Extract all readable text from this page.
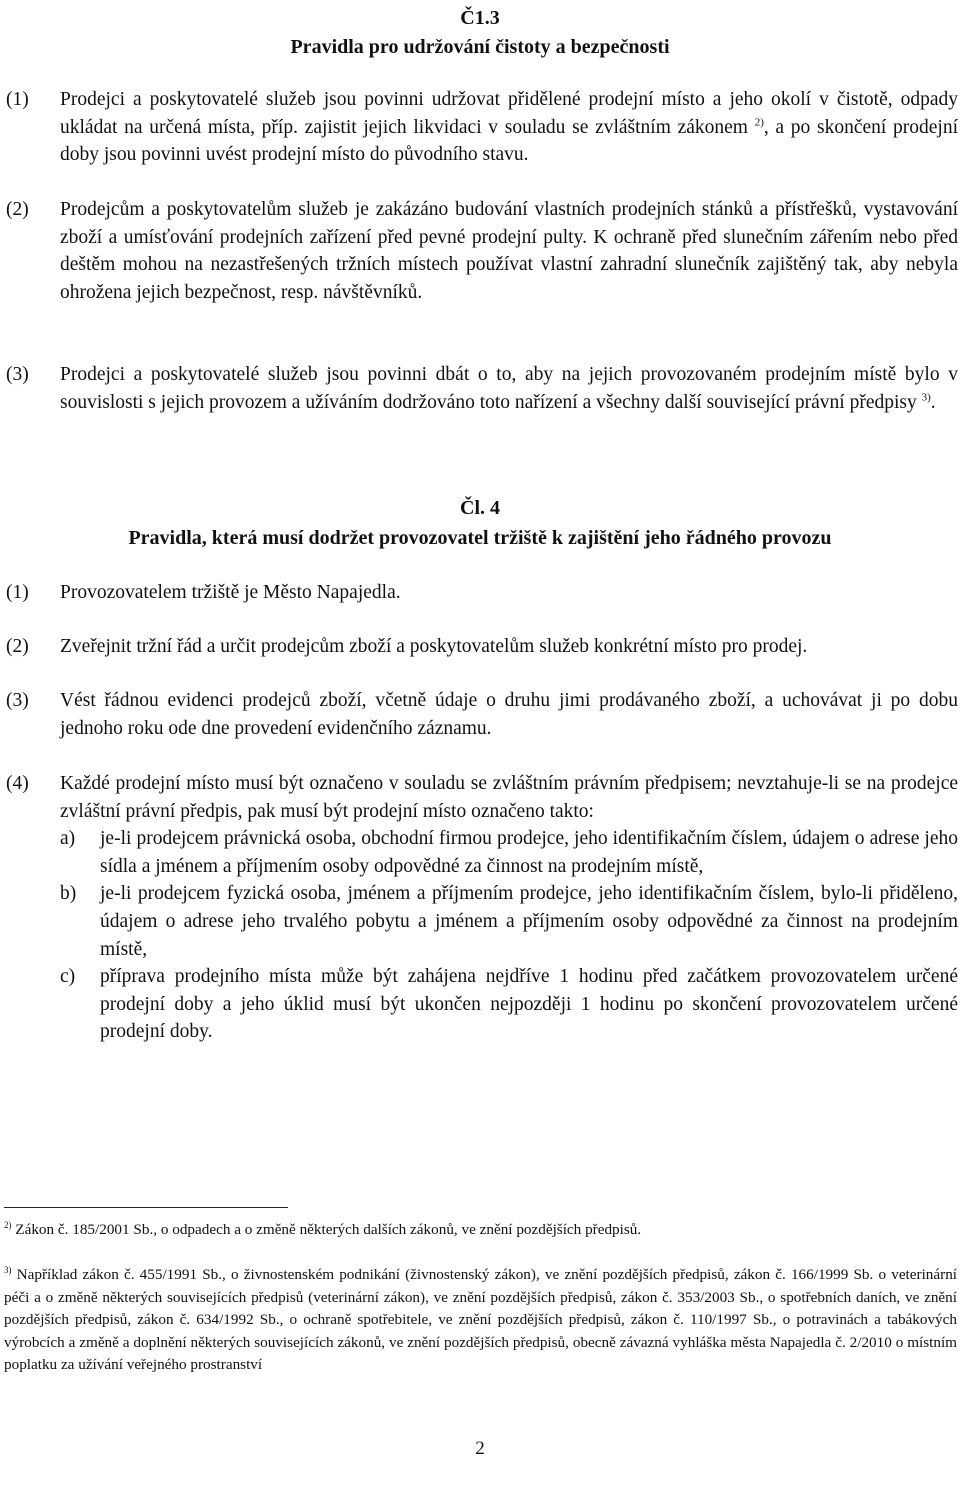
Č1.3
Pravidla pro udržování čistoty a bezpečnosti
(1) Prodejci a poskytovatelé služeb jsou povinni udržovat přidělené prodejní místo a jeho okolí v čistotě, odpady ukládat na určená místa, příp. zajistit jejich likvidaci v souladu se zvláštním zákonem $^{2)}$, a po skončení prodejní doby jsou povinni uvést prodejní místo do původního stavu.
(2) Prodejcům a poskytovatelům služeb je zakázáno budování vlastních prodejních stánků a přístřešků, vystavování zboží a umísťování prodejních zařízení před pevné prodejní pulty. K ochraně před slunečním zářením nebo před deštěm mohou na nezastřešených tržních místech používat vlastní zahradní slunečník zajištěný tak, aby nebyla ohrožena jejich bezpečnost, resp. návštěvníků.
(3) Prodejci a poskytovatelé služeb jsou povinni dbát o to, aby na jejich provozovaném prodejním místě bylo v souvislosti s jejich provozem a užíváním dodržováno toto nařízení a všechny další související právní předpisy $^{3)}$.
Čl. 4
Pravidla, která musí dodržet provozovatel tržiště k zajištění jeho řádného provozu
(1) Provozovatelem tržiště je Město Napajedla.
(2) Zveřejnit tržní řád a určit prodejcům zboží a poskytovatelům služeb konkrétní místo pro prodej.
(3) Vést řádnou evidenci prodejců zboží, včetně údaje o druhu jimi prodávaného zboží, a uchovávat ji po dobu jednoho roku ode dne provedení evidenčního záznamu.
(4) Každé prodejní místo musí být označeno v souladu se zvláštním právním předpisem; nevztahuje-li se na prodejce zvláštní právní předpis, pak musí být prodejní místo označeno takto:
a) je-li prodejcem právnická osoba, obchodní firmou prodejce, jeho identifikačním číslem, údajem o adrese jeho sídla a jménem a příjmením osoby odpovědné za činnost na prodejním místě,
b) je-li prodejcem fyzická osoba, jménem a příjmením prodejce, jeho identifikačním číslem, bylo-li přiděleno, údajem o adrese jeho trvalého pobytu a jménem a příjmením osoby odpovědné za činnost na prodejním místě,
c) příprava prodejního místa může být zahájena nejdříve 1 hodinu před začátkem provozovatelem určené prodejní doby a jeho úklid musí být ukončen nejpozději 1 hodinu po skončení provozovatelem určené prodejní doby.
$^{2)}$ Zákon č. 185/2001 Sb., o odpadech a o změně některých dalších zákonů, ve znění pozdějších předpisů.
$^{3)}$ Například zákon č. 455/1991 Sb., o živnostenském podnikání (živnostenský zákon), ve znění pozdějších předpisů, zákon č. 166/1999 Sb. o veterinární péči a o změně některých souvisejících předpisů (veterinární zákon), ve znění pozdějších předpisů, zákon č. 353/2003 Sb., o spotřebních daních, ve znění pozdějších předpisů, zákon č. 634/1992 Sb., o ochraně spotřebitele, ve znění pozdějších předpisů, zákon č. 110/1997 Sb., o potravinách a tabákových výrobcích a změně a doplnění některých souvisejících zákonů, ve znění pozdějších předpisů, obecně závazná vyhláška města Napajedla č. 2/2010 o místním poplatku za užívání veřejného prostranství
2
